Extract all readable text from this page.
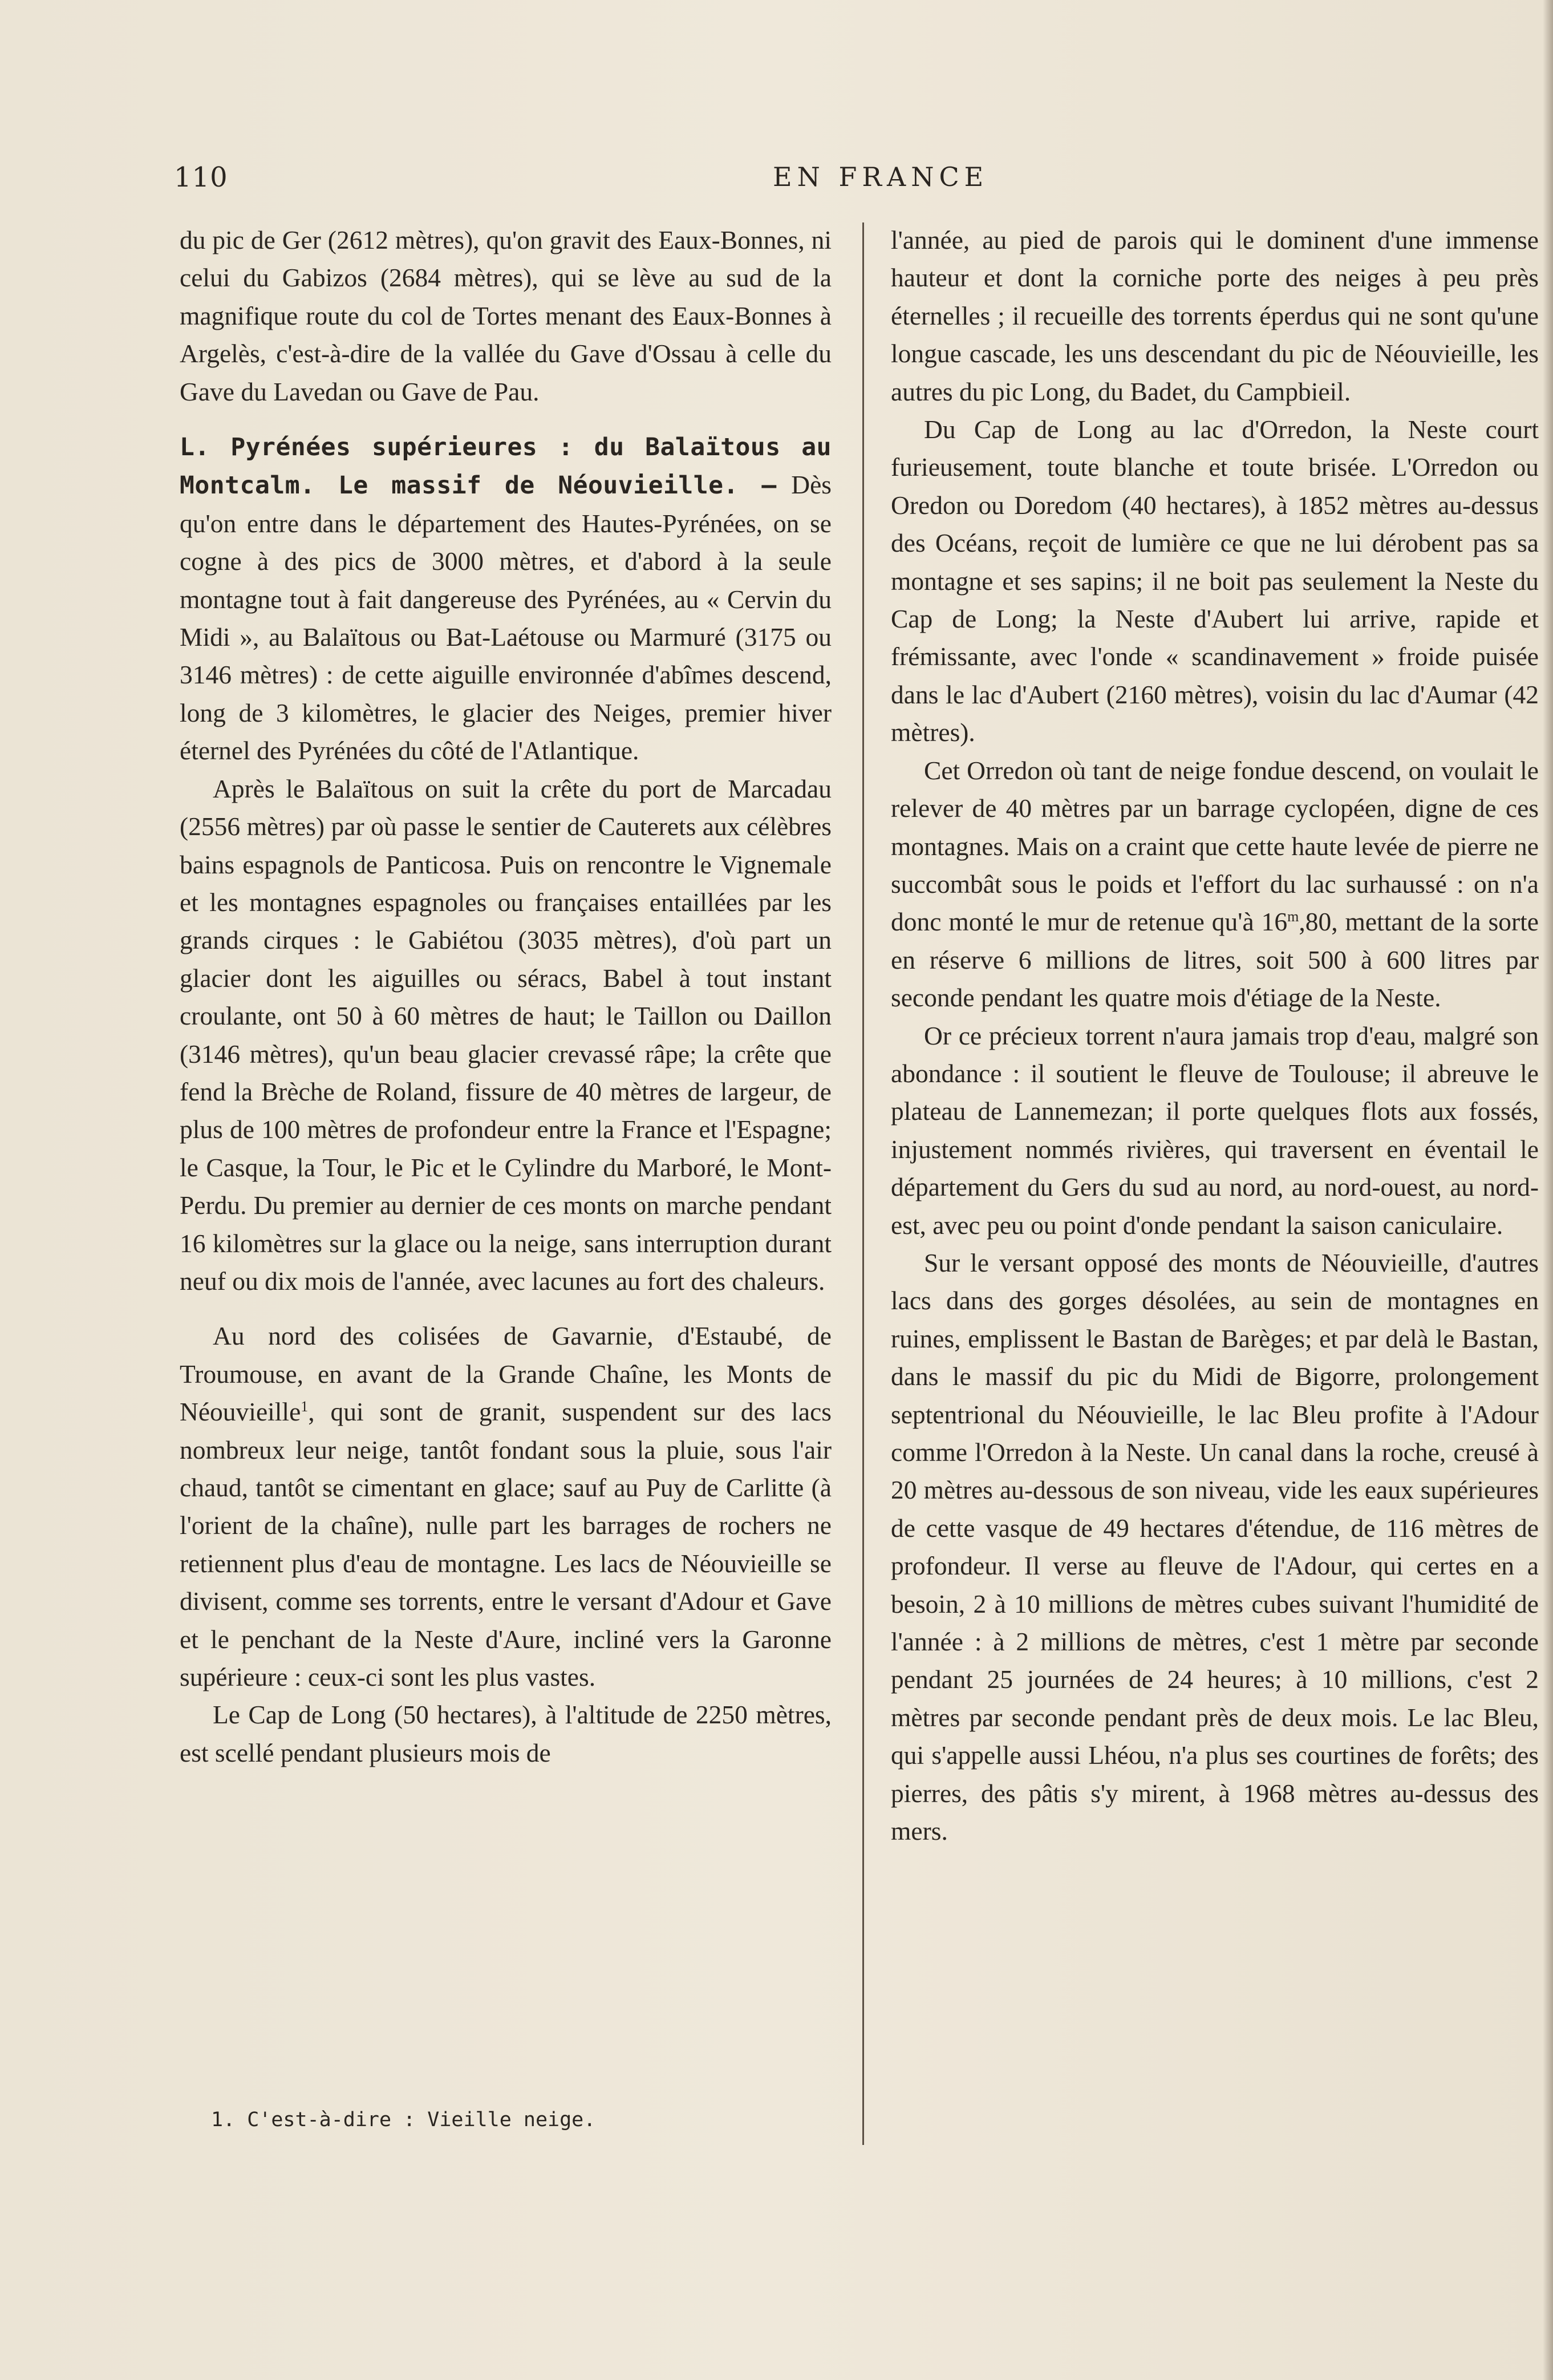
110	EN FRANCE

du pic de Ger (2612 mètres), qu'on gravit des Eaux-Bonnes, ni celui du Gabizos (2684 mètres), qui se lève au sud de la magnifique route du col de Tortes menant des Eaux-Bonnes à Argelès, c'est-à-dire de la vallée du Gave d'Ossau à celle du Gave du Lavedan ou Gave de Pau.

L. Pyrénées supérieures : du Balaïtous au Montcalm. Le massif de Néouvieille. — Dès qu'on entre dans le département des Hautes-Pyrénées, on se cogne à des pics de 3000 mètres, et d'abord à la seule montagne tout à fait dangereuse des Pyrénées, au « Cervin du Midi », au Balaïtous ou Bat-Laétouse ou Marmuré (3175 ou 3146 mètres) : de cette aiguille environnée d'abîmes descend, long de 3 kilomètres, le glacier des Neiges, premier hiver éternel des Pyrénées du côté de l'Atlantique.

Après le Balaïtous on suit la crête du port de Marcadau (2556 mètres) par où passe le sentier de Cauterets aux célèbres bains espagnols de Panticosa. Puis on rencontre le Vignemale et les montagnes espagnoles ou françaises entaillées par les grands cirques : le Gabiétou (3035 mètres), d'où part un glacier dont les aiguilles ou séracs, Babel à tout instant croulante, ont 50 à 60 mètres de haut; le Taillon ou Daillon (3146 mètres), qu'un beau glacier crevassé râpe; la crête que fend la Brèche de Roland, fissure de 40 mètres de largeur, de plus de 100 mètres de profondeur entre la France et l'Espagne; le Casque, la Tour, le Pic et le Cylindre du Marboré, le Mont-Perdu. Du premier au dernier de ces monts on marche pendant 16 kilomètres sur la glace ou la neige, sans interruption durant neuf ou dix mois de l'année, avec lacunes au fort des chaleurs.

Au nord des colisées de Gavarnie, d'Estaubé, de Troumouse, en avant de la Grande Chaîne, les Monts de Néouvieille$^1$, qui sont de granit, suspendent sur des lacs nombreux leur neige, tantôt fondant sous la pluie, sous l'air chaud, tantôt se cimentant en glace; sauf au Puy de Carlitte (à l'orient de la chaîne), nulle part les barrages de rochers ne retiennent plus d'eau de montagne. Les lacs de Néouvieille se divisent, comme ses torrents, entre le versant d'Adour et Gave et le penchant de la Neste d'Aure, incliné vers la Garonne supérieure : ceux-ci sont les plus vastes.

Le Cap de Long (50 hectares), à l'altitude de 2250 mètres, est scellé pendant plusieurs mois de

l'année, au pied de parois qui le dominent d'une immense hauteur et dont la corniche porte des neiges à peu près éternelles ; il recueille des torrents éperdus qui ne sont qu'une longue cascade, les uns descendant du pic de Néouvieille, les autres du pic Long, du Badet, du Campbieil.

Du Cap de Long au lac d'Orredon, la Neste court furieusement, toute blanche et toute brisée. L'Orredon ou Oredon ou Doredom (40 hectares), à 1852 mètres au-dessus des Océans, reçoit de lumière ce que ne lui dérobent pas sa montagne et ses sapins; il ne boit pas seulement la Neste du Cap de Long; la Neste d'Aubert lui arrive, rapide et frémissante, avec l'onde « scandinavement » froide puisée dans le lac d'Aubert (2160 mètres), voisin du lac d'Aumar (42 mètres).

Cet Orredon où tant de neige fondue descend, on voulait le relever de 40 mètres par un barrage cyclopéen, digne de ces montagnes. Mais on a craint que cette haute levée de pierre ne succombât sous le poids et l'effort du lac surhaussé : on n'a donc monté le mur de retenue qu'à 16$^m$,80, mettant de la sorte en réserve 6 millions de litres, soit 500 à 600 litres par seconde pendant les quatre mois d'étiage de la Neste.

Or ce précieux torrent n'aura jamais trop d'eau, malgré son abondance : il soutient le fleuve de Toulouse; il abreuve le plateau de Lannemezan; il porte quelques flots aux fossés, injustement nommés rivières, qui traversent en éventail le département du Gers du sud au nord, au nord-ouest, au nord-est, avec peu ou point d'onde pendant la saison caniculaire.

Sur le versant opposé des monts de Néouvieille, d'autres lacs dans des gorges désolées, au sein de montagnes en ruines, emplissent le Bastan de Barèges; et par delà le Bastan, dans le massif du pic du Midi de Bigorre, prolongement septentrional du Néouvieille, le lac Bleu profite à l'Adour comme l'Orredon à la Neste. Un canal dans la roche, creusé à 20 mètres au-dessous de son niveau, vide les eaux supérieures de cette vasque de 49 hectares d'étendue, de 116 mètres de profondeur. Il verse au fleuve de l'Adour, qui certes en a besoin, 2 à 10 millions de mètres cubes suivant l'humidité de l'année : à 2 millions de mètres, c'est 1 mètre par seconde pendant 25 journées de 24 heures; à 10 millions, c'est 2 mètres par seconde pendant près de deux mois. Le lac Bleu, qui s'appelle aussi Lhéou, n'a plus ses courtines de forêts; des pierres, des pâtis s'y mirent, à 1968 mètres au-dessus des mers.

1. C'est-à-dire : Vieille neige.
